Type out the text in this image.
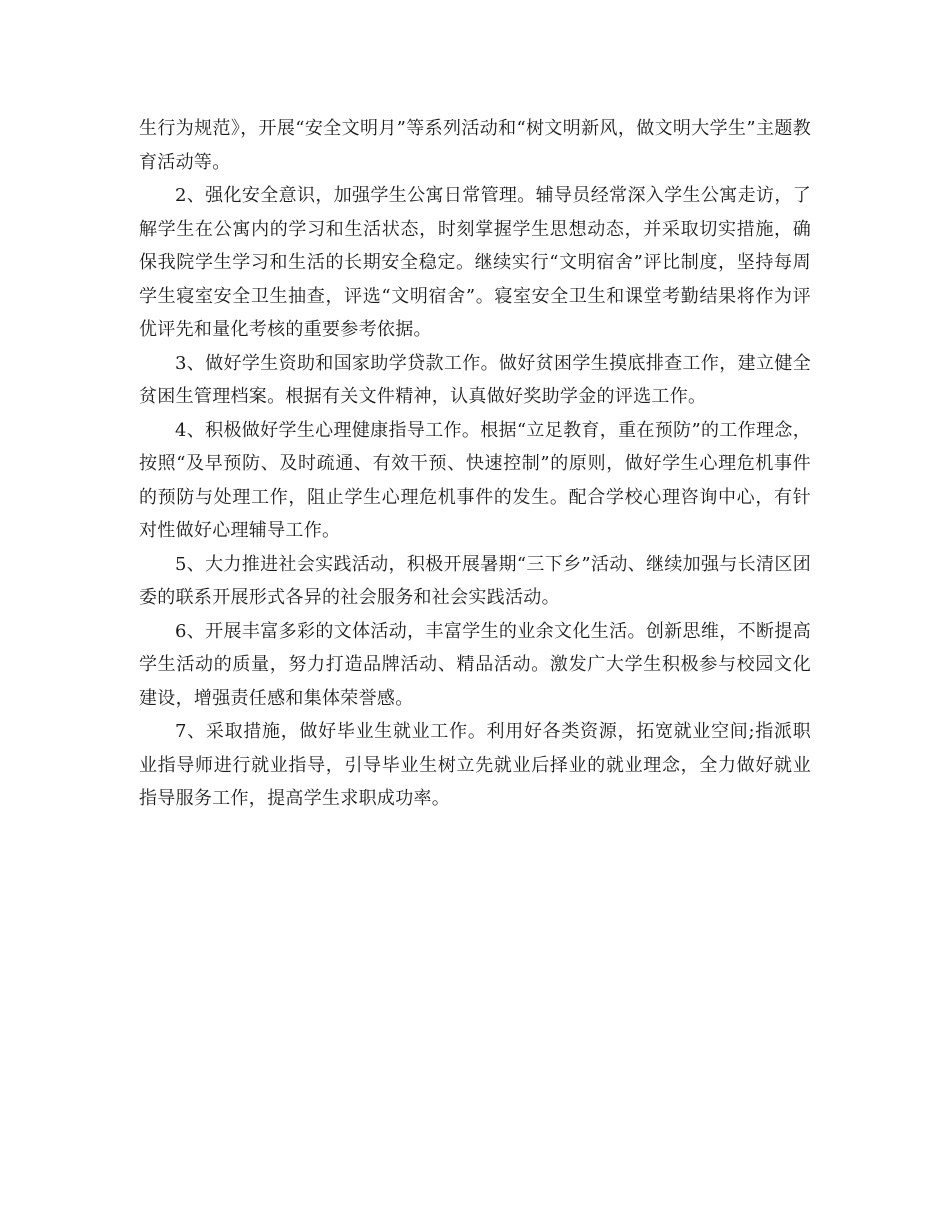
生行为规范》，开展“安全文明月”等系列活动和“树文明新风，做文明大学生”主题教育活动等。

2、强化安全意识，加强学生公寓日常管理。辅导员经常深入学生公寓走访，了解学生在公寓内的学习和生活状态，时刻掌握学生思想动态，并采取切实措施，确保我院学生学习和生活的长期安全稳定。继续实行“文明宿舍”评比制度，坚持每周学生寝室安全卫生抽查，评选“文明宿舍”。寝室安全卫生和课堂考勤结果将作为评优评先和量化考核的重要参考依据。

3、做好学生资助和国家助学贷款工作。做好贫困学生摸底排查工作，建立健全贫困生管理档案。根据有关文件精神，认真做好奖助学金的评选工作。

4、积极做好学生心理健康指导工作。根据“立足教育，重在预防”的工作理念，按照“及早预防、及时疏通、有效干预、快速控制”的原则，做好学生心理危机事件的预防与处理工作，阻止学生心理危机事件的发生。配合学校心理咨询中心，有针对性做好心理辅导工作。

5、大力推进社会实践活动，积极开展暑期“三下乡”活动、继续加强与长清区团委的联系开展形式各异的社会服务和社会实践活动。

6、开展丰富多彩的文体活动，丰富学生的业余文化生活。创新思维，不断提高学生活动的质量，努力打造品牌活动、精品活动。激发广大学生积极参与校园文化建设，增强责任感和集体荣誉感。

7、采取措施，做好毕业生就业工作。利用好各类资源，拓宽就业空间;指派职业指导师进行就业指导，引导毕业生树立先就业后择业的就业理念，全力做好就业指导服务工作，提高学生求职成功率。
